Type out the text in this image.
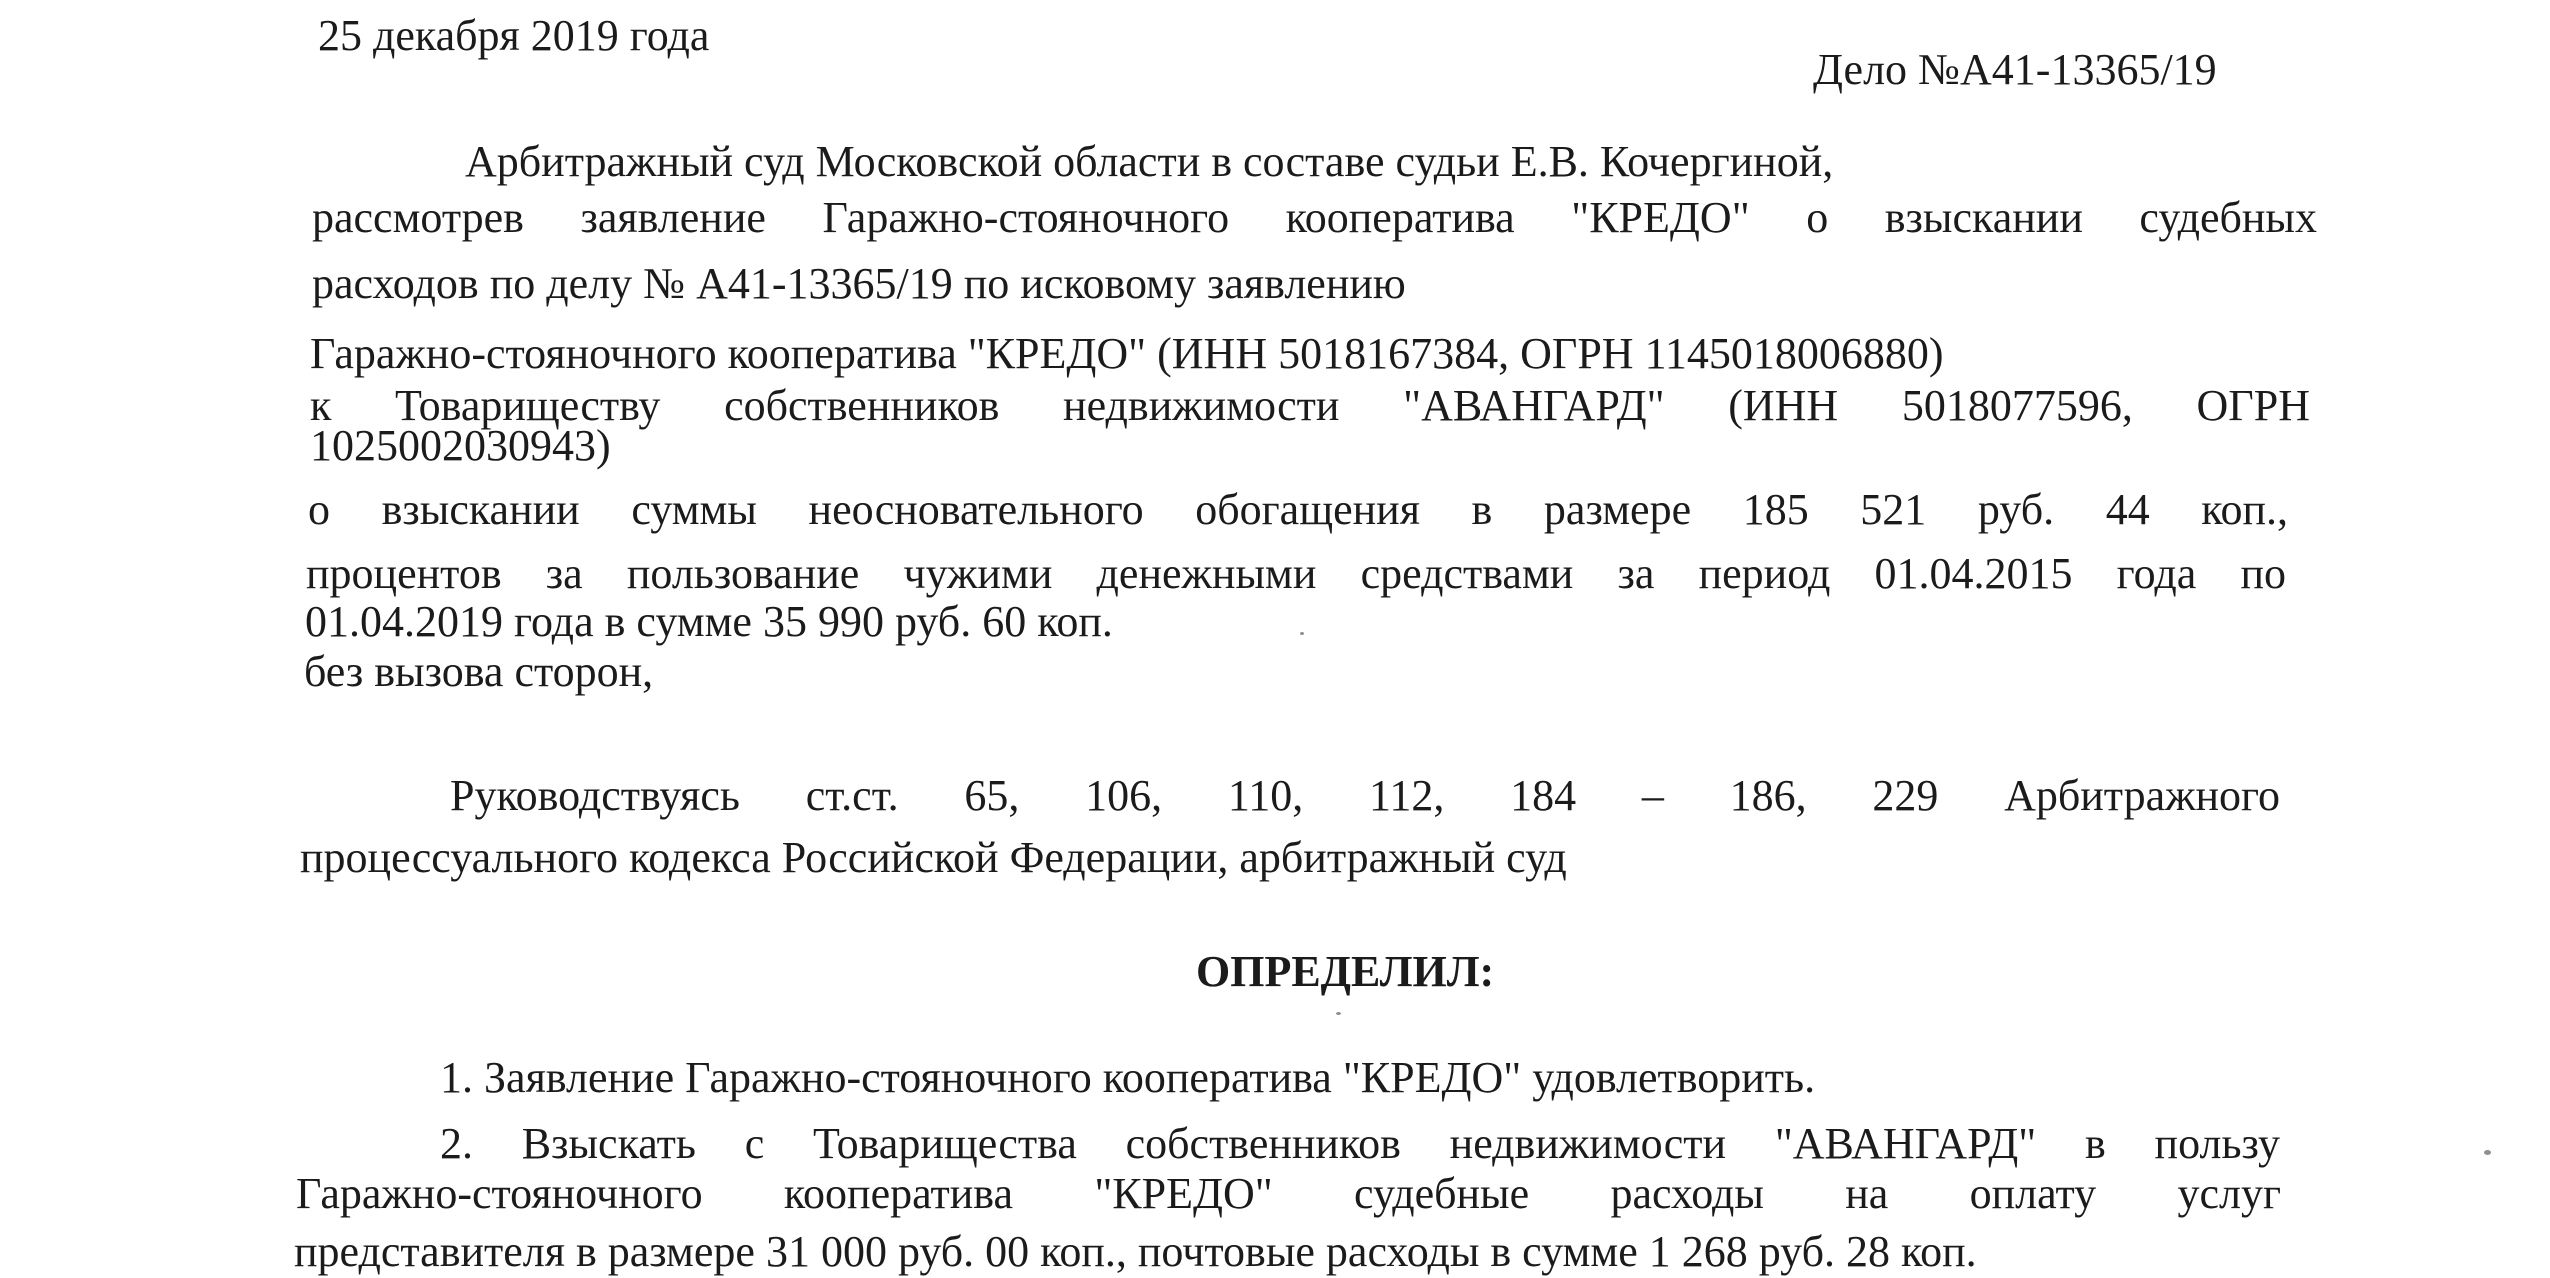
25 декабря 2019 года
Дело №А41-13365/19
Арбитражный суд Московской области в составе судьи Е.В. Кочергиной,
рассмотрев заявление Гаражно-стояночного кооператива "КРЕДО" о взыскании судебных
расходов по делу № А41-13365/19 по исковому заявлению
Гаражно-стояночного кооператива "КРЕДО" (ИНН 5018167384, ОГРН 1145018006880)
к Товариществу собственников недвижимости "АВАНГАРД" (ИНН 5018077596, ОГРН
1025002030943)
о взыскании суммы неосновательного обогащения в размере 185 521 руб. 44 коп.,
процентов за пользование чужими денежными средствами за период 01.04.2015 года по
01.04.2019 года в сумме 35 990 руб. 60 коп.
без вызова сторон,
Руководствуясь ст.ст. 65, 106, 110, 112, 184 – 186, 229 Арбитражного
процессуального кодекса Российской Федерации, арбитражный суд
ОПРЕДЕЛИЛ:
1. Заявление Гаражно-стояночного кооператива "КРЕДО" удовлетворить.
2. Взыскать с Товарищества собственников недвижимости "АВАНГАРД" в пользу
Гаражно-стояночного кооператива "КРЕДО" судебные расходы на оплату услуг
представителя в размере 31 000 руб. 00 коп., почтовые расходы в сумме 1 268 руб. 28 коп.
